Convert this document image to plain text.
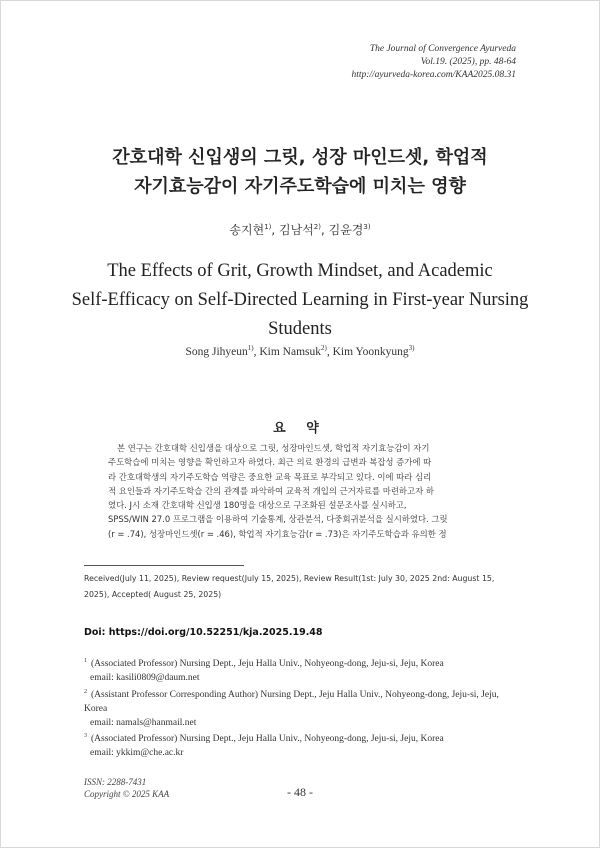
The Journal of Convergence Ayurveda
Vol.19. (2025), pp. 48-64
http://ayurveda-korea.com/KAA2025.08.31
간호대학 신입생의 그릿, 성장 마인드셋, 학업적
자기효능감이 자기주도학습에 미치는 영향
송지현$^{1)}$, 김남석$^{2)}$, 김윤경$^{3)}$
The Effects of Grit, Growth Mindset, and Academic
Self-Efficacy on Self-Directed Learning in First-year Nursing
Students
Song Jihyeun$^{1)}$, Kim Namsuk$^{2)}$, Kim Yoonkyung$^{3)}$
요 약
본 연구는 간호대학 신입생을 대상으로 그릿, 성장마인드셋, 학업적 자기효능감이 자기
주도학습에 미치는 영향을 확인하고자 하였다. 최근 의료 환경의 급변과 복잡성 증가에 따
라 간호대학생의 자기주도학습 역량은 중요한 교육 목표로 부각되고 있다. 이에 따라 심리
적 요인들과 자기주도학습 간의 관계를 파악하여 교육적 개입의 근거자료를 마련하고자 하
였다. J시 소재 간호대학 신입생 180명을 대상으로 구조화된 설문조사를 실시하고,
SPSS/WIN 27.0 프로그램을 이용하여 기술통계, 상관분석, 다중회귀분석을 실시하였다. 그릿
(r = .74), 성장마인드셋(r = .46), 학업적 자기효능감(r = .73)은 자기주도학습과 유의한 정
Received(July 11, 2025), Review request(July 15, 2025), Review Result(1st: July 30, 2025 2nd: August 15,
2025), Accepted( August 25, 2025)
Doi: https://doi.org/10.52251/kja.2025.19.48
$^1$ (Associated Professor) Nursing Dept., Jeju Halla Univ., Nohyeong-dong, Jeju-si, Jeju, Korea
email: kasili0809@daum.net
$^2$ (Assistant Professor Corresponding Author) Nursing Dept., Jeju Halla Univ., Nohyeong-dong, Jeju-si, Jeju,
Korea
email: namals@hanmail.net
$^3$ (Associated Professor) Nursing Dept., Jeju Halla Univ., Nohyeong-dong, Jeju-si, Jeju, Korea
email: ykkim@che.ac.kr
ISSN: 2288-7431
Copyright © 2025 KAA	- 48 -
